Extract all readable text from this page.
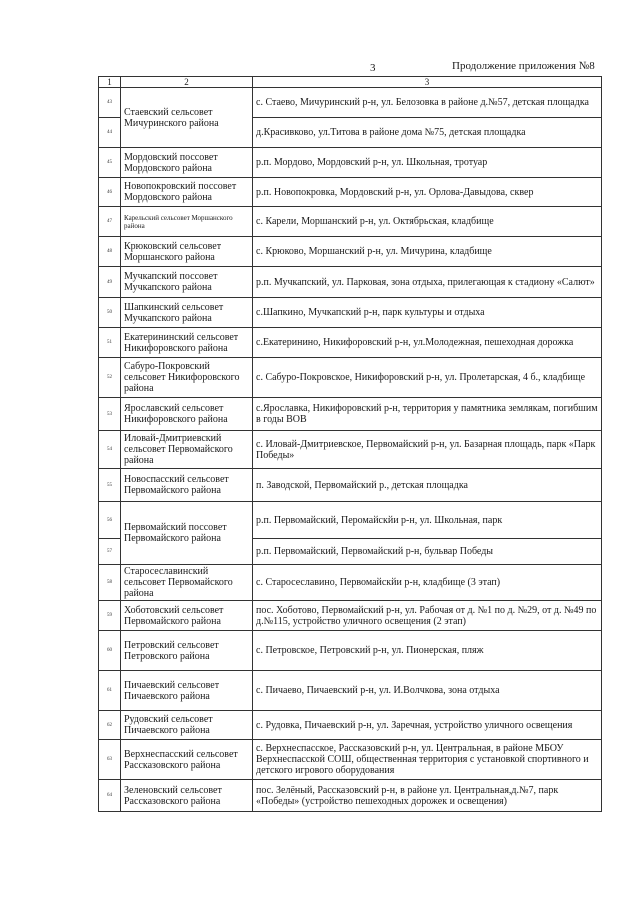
3	Продолжение приложения №8
1	2	3
43	Стаевский сельсовет Мичуринского района	с. Стаево, Мичуринский р-н, ул. Белозовка в районе д.№57, детская площадка
44		д.Красивково, ул.Титова в районе дома №75, детская площадка
45	Мордовский поссовет Мордовского района	р.п. Мордово, Мордовский р-н, ул. Школьная, тротуар
46	Новопокровский поссовет Мордовского района	р.п. Новопокровка, Мордовский р-н, ул. Орлова-Давыдова, сквер
47	Карельский сельсовет Моршанского района	с. Карели, Моршанский р-н, ул. Октябрьская, кладбище
48	Крюковский сельсовет Моршанского района	с. Крюково, Моршанский р-н, ул. Мичурина, кладбище
49	Мучкапский поссовет Мучкапского района	р.п. Мучкапский, ул. Парковая, зона отдыха, прилегающая к стадиону «Салют»
50	Шапкинский сельсовет Мучкапского района	с.Шапкино, Мучкапский р-н, парк культуры и отдыха
51	Екатерининский сельсовет Никифоровского района	с.Екатеринино, Никифоровский р-н, ул.Молодежная, пешеходная дорожка
52	Сабуро-Покровский сельсовет Никифоровского района	с. Сабуро-Покровское, Никифоровский р-н, ул. Пролетарская, 4 б., кладбище
53	Ярославский сельсовет Никифоровского района	с.Ярославка, Никифоровский р-н, территория у памятника землякам, погибшим в годы ВОВ
54	Иловай-Дмитриевский сельсовет Первомайского района	с. Иловай-Дмитриевское, Первомайский р-н, ул. Базарная площадь, парк «Парк Победы»
55	Новоспасский сельсовет Первомайского района	п. Заводской, Первомайский р., детская площадка
56	Первомайский поссовет Первомайского района	р.п. Первомайский, Перомайскйи р-н, ул. Школьная, парк
57		р.п. Первомайский, Первомайский р-н, бульвар Победы
58	Старосеславинский сельсовет Первомайского района	с. Старосеславино, Первомайскйи р-н, кладбище (3 этап)
59	Хоботовский сельсовет Первомайского района	пос. Хоботово, Первомайский р-н, ул. Рабочая от д. №1 по д. №29, от д. №49 по д.№115, устройство уличного освещения (2 этап)
60	Петровский сельсовет Петровского района	с. Петровское, Петровский р-н, ул. Пионерская, пляж
61	Пичаевский сельсовет Пичаевского района	с. Пичаево, Пичаевский р-н, ул. И.Волчкова, зона отдыха
62	Рудовский сельсовет Пичаевского района	с. Рудовка, Пичаевский р-н, ул. Заречная, устройство уличного освещения
63	Верхнеспасский сельсовет Рассказовского района	с. Верхнеспасское, Рассказовский р-н, ул. Центральная, в районе МБОУ Верхнеспасской СОШ, общественная территория с установкой спортивного и детского игрового оборудования
64	Зеленовский сельсовет Рассказовского района	пос. Зелёный, Рассказовский р-н, в районе ул. Центральная,д.№7, парк «Победы» (устройство пешеходных дорожек и освещения)
